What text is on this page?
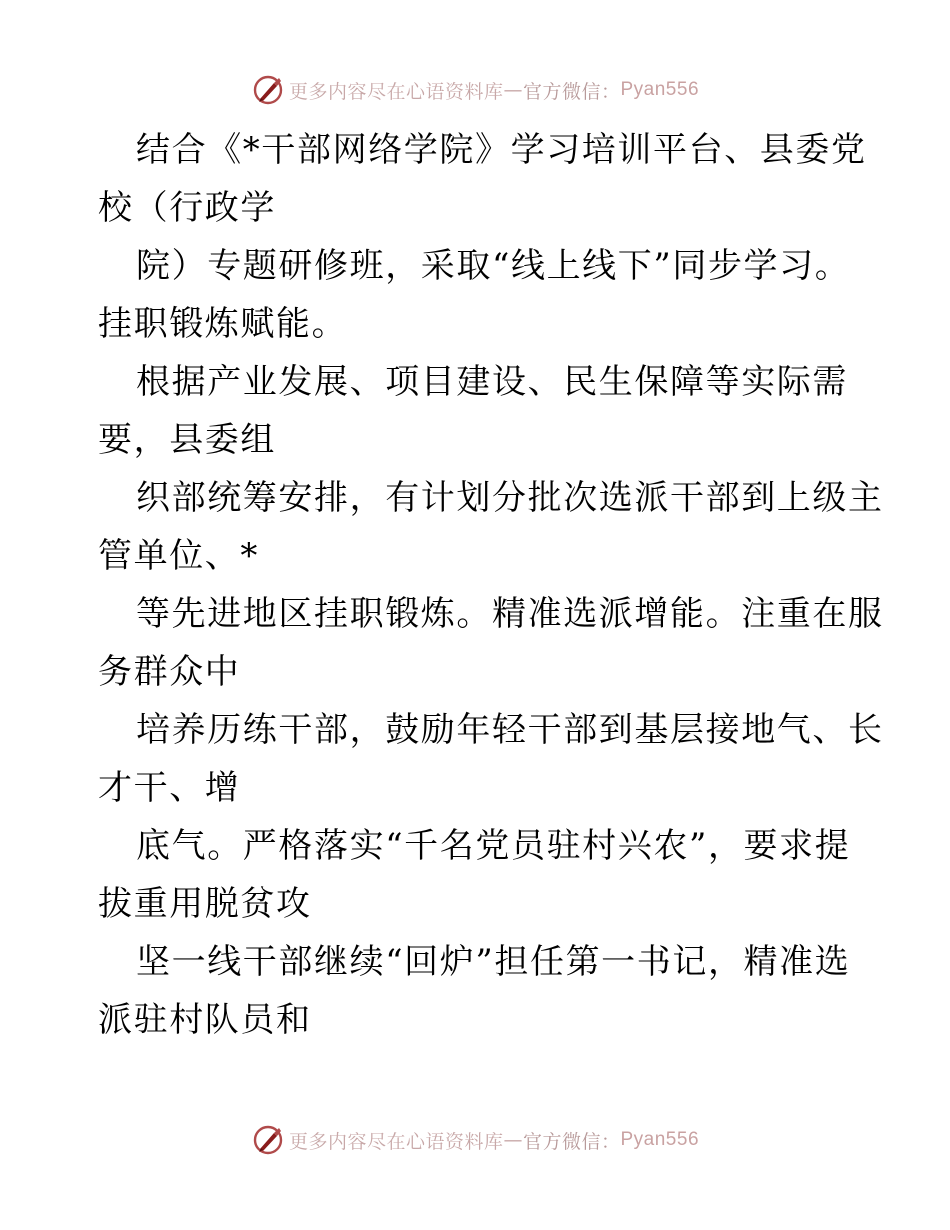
更多内容尽在心语资料库 — 官方微信： Pyan556
结合《*干部网络学院》学习培训平台、县委党
校（行政学
院）专题研修班，采取“线上线下”同步学习。
挂职锻炼赋能。
根据产业发展、项目建设、民生保障等实际需
要，县委组
织部统筹安排，有计划分批次选派干部到上级主
管单位、*
等先进地区挂职锻炼。精准选派增能。注重在服
务群众中
培养历练干部，鼓励年轻干部到基层接地气、长
才干、增
底气。严格落实“千名党员驻村兴农”，要求提
拔重用脱贫攻
坚一线干部继续“回炉”担任第一书记，精准选
派驻村队员和
更多内容尽在心语资料库 — 官方微信： Pyan556
